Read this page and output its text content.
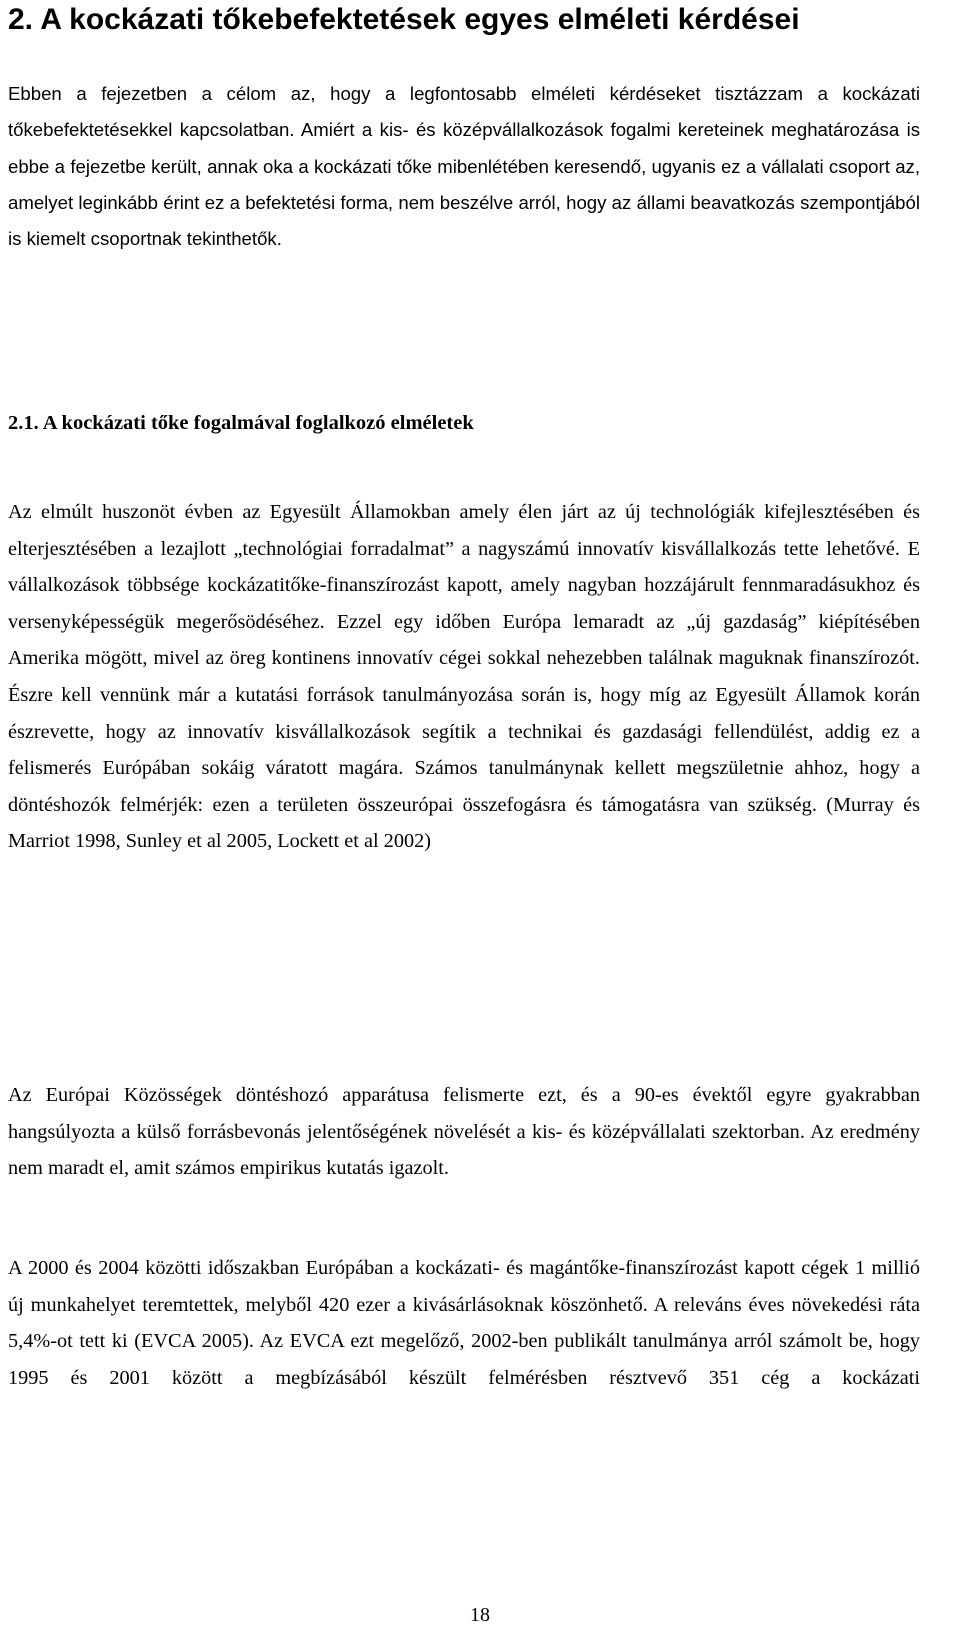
2. A kockázati tőkebefektetések egyes elméleti kérdései

Ebben a fejezetben a célom az, hogy a legfontosabb elméleti kérdéseket tisztázzam a kockázati tőkebefektetésekkel kapcsolatban. Amiért a kis- és középvállalkozások fogalmi kereteinek meghatározása is ebbe a fejezetbe került, annak oka a kockázati tőke mibenlétében keresendő, ugyanis ez a vállalati csoport az, amelyet leginkább érint ez a befektetési forma, nem beszélve arról, hogy az állami beavatkozás szempontjából is kiemelt csoportnak tekinthetők.

2.1. A kockázati tőke fogalmával foglalkozó elméletek

Az elmúlt huszonöt évben az Egyesült Államokban amely élen járt az új technológiák kifejlesztésében és elterjesztésében a lezajlott „technológiai forradalmat” a nagyszámú innovatív kisvállalkozás tette lehetővé. E vállalkozások többsége kockázatitőke-finanszírozást kapott, amely nagyban hozzájárult fennmaradásukhoz és versenyképességük megerősödéséhez. Ezzel egy időben Európa lemaradt az „új gazdaság” kiépítésében Amerika mögött, mivel az öreg kontinens innovatív cégei sokkal nehezebben találnak maguknak finanszírozót. Észre kell vennünk már a kutatási források tanulmányozása során is, hogy míg az Egyesült Államok korán észrevette, hogy az innovatív kisvállalkozások segítik a technikai és gazdasági fellendülést, addig ez a felismerés Európában sokáig váratott magára. Számos tanulmánynak kellett megszületnie ahhoz, hogy a döntéshozók felmérjék: ezen a területen összeurópai összefogásra és támogatásra van szükség. (Murray és Marriot 1998, Sunley et al 2005, Lockett et al 2002)

Az Európai Közösségek döntéshozó apparátusa felismerte ezt, és a 90-es évektől egyre gyakrabban hangsúlyozta a külső forrásbevonás jelentőségének növelését a kis- és középvállalati szektorban. Az eredmény nem maradt el, amit számos empirikus kutatás igazolt.

A 2000 és 2004 közötti időszakban Európában a kockázati- és magántőke-finanszírozást kapott cégek 1 millió új munkahelyet teremtettek, melyből 420 ezer a kivásárlásoknak köszönhető. A releváns éves növekedési ráta 5,4%-ot tett ki (EVCA 2005). Az EVCA ezt megelőző, 2002-ben publikált tanulmánya arról számolt be, hogy 1995 és 2001 között a megbízásából készült felmérésben résztvevő 351 cég a kockázati

18
